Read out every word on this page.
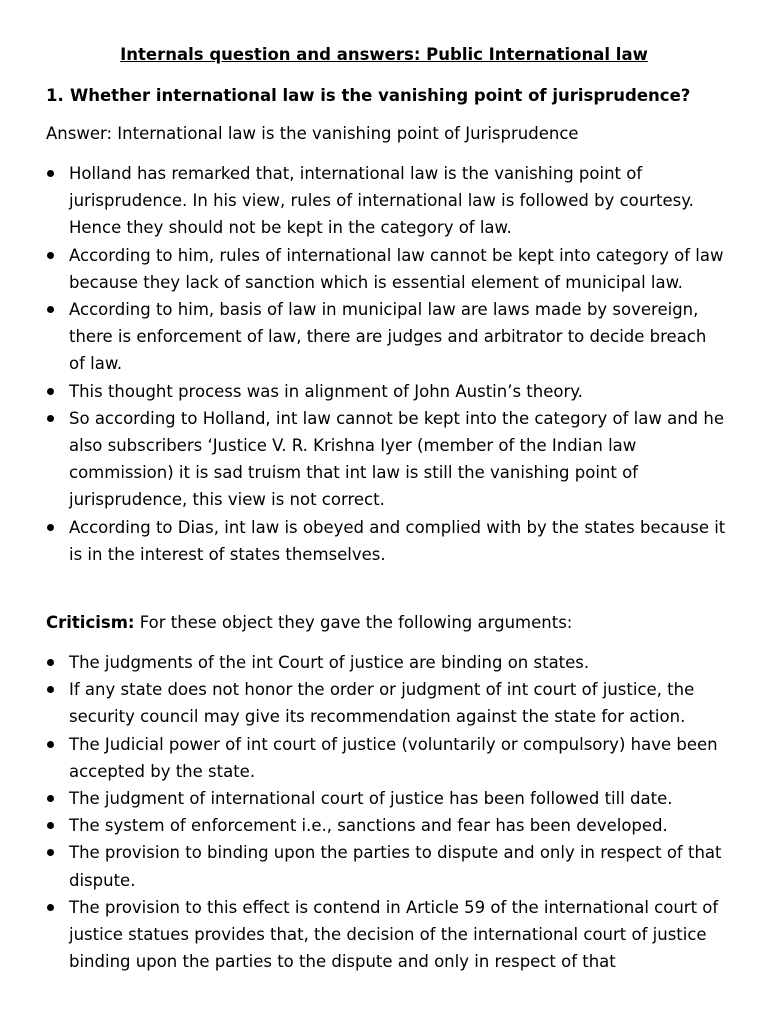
Internals question and answers: Public International law

1. Whether international law is the vanishing point of jurisprudence?

Answer: International law is the vanishing point of Jurisprudence

Holland has remarked that, international law is the vanishing point of jurisprudence. In his view, rules of international law is followed by courtesy. Hence they should not be kept in the category of law.
According to him, rules of international law cannot be kept into category of law because they lack of sanction which is essential element of municipal law.
According to him, basis of law in municipal law are laws made by sovereign, there is enforcement of law, there are judges and arbitrator to decide breach of law.
This thought process was in alignment of John Austin’s theory.
So according to Holland, int law cannot be kept into the category of law and he also subscribers ‘Justice V. R. Krishna Iyer (member of the Indian law commission) it is sad truism that int law is still the vanishing point of jurisprudence, this view is not correct.
According to Dias, int law is obeyed and complied with by the states because it is in the interest of states themselves.

Criticism: For these object they gave the following arguments:

The judgments of the int Court of justice are binding on states.
If any state does not honor the order or judgment of int court of justice, the security council may give its recommendation against the state for action.
The Judicial power of int court of justice (voluntarily or compulsory) have been accepted by the state.
The judgment of international court of justice has been followed till date.
The system of enforcement i.e., sanctions and fear has been developed.
The provision to binding upon the parties to dispute and only in respect of that dispute.
The provision to this effect is contend in Article 59 of the international court of justice statues provides that, the decision of the international court of justice binding upon the parties to the dispute and only in respect of that
